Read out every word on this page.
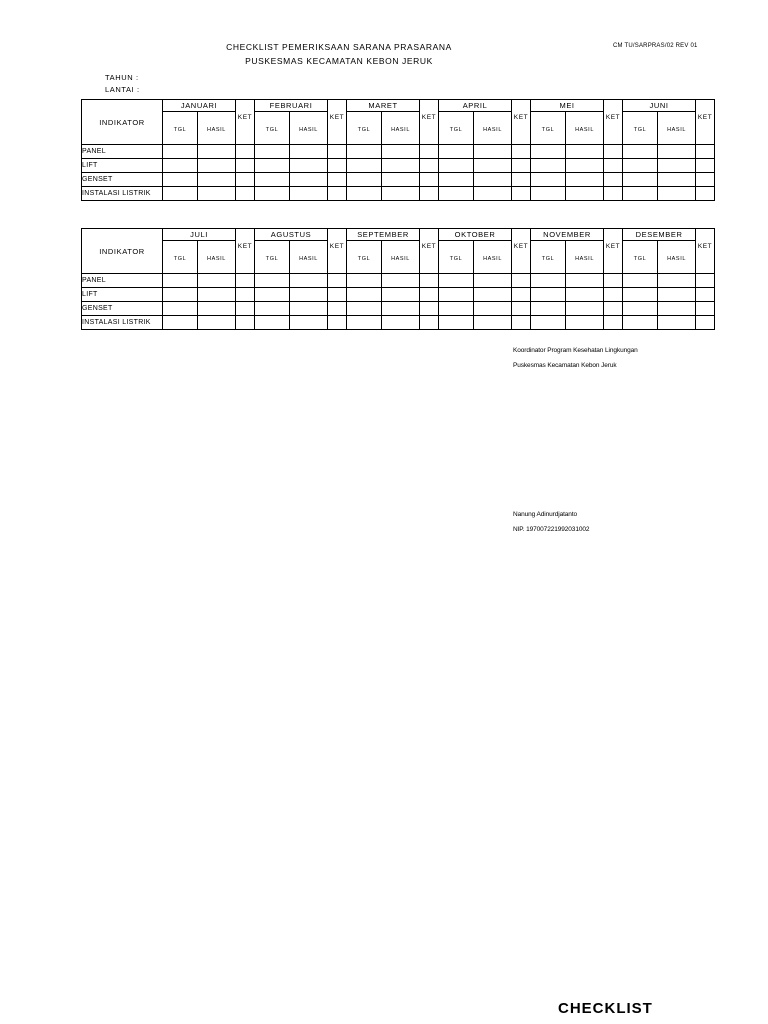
CHECKLIST PEMERIKSAAN SARANA PRASARANA
PUSKESMAS KECAMATAN KEBON JERUK
CM TU/SARPRAS/02 REV 01
TAHUN :
LANTAI :
INDIKATOR	JANUARI		KET	FEBRUARI		KET	MARET		KET	APRIL		KET	MEI		KET	JUNI		KET
	TGL	HASIL		TGL	HASIL		TGL	HASIL		TGL	HASIL		TGL	HASIL		TGL	HASIL	
PANEL																		
LIFT																		
GENSET																		
INSTALASI LISTRIK																		
INDIKATOR	JULI		KET	AGUSTUS		KET	SEPTEMBER		KET	OKTOBER		KET	NOVEMBER		KET	DESEMBER		KET
	TGL	HASIL		TGL	HASIL		TGL	HASIL		TGL	HASIL		TGL	HASIL		TGL	HASIL	
PANEL																		
LIFT																		
GENSET																		
INSTALASI LISTRIK																		
Koordinator Program Kesehatan Lingkungan
Puskesmas Kecamatan Kebon Jeruk
Nanung Adinurdjatanto
NIP. 197007221992031002
CHECKLIST
